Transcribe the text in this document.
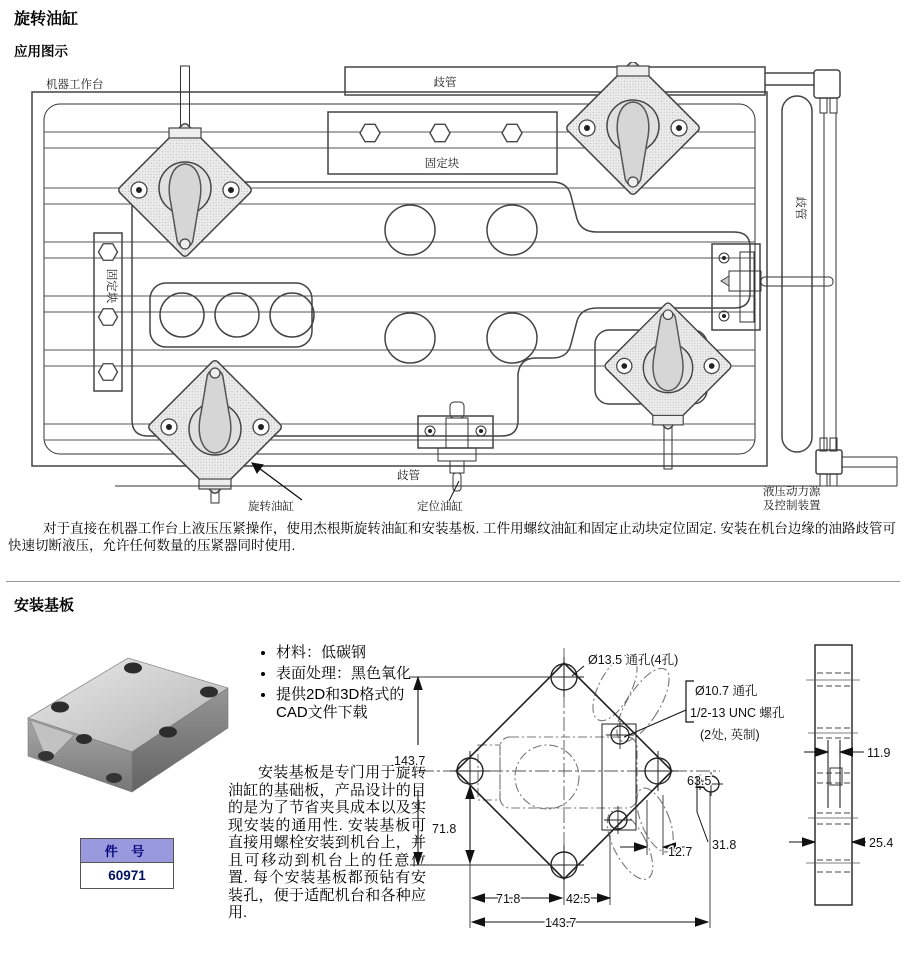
旋转油缸
应用图示
机器工作台	歧管
固定块
固定块
歧管
旋转油缸
歧管
定位油缸
液压动力源
及控制装置
对于直接在机器工作台上液压压紧操作，使用杰根斯旋转油缸和安装基板. 工件用螺纹油缸和固定止动块定位固定. 安装在机台边缘的油路歧管可快速切断液压，允许任何数量的压紧器同时使用.
安装基板
件 号
60971
• 材料：低碳钢
• 表面处理：黑色氧化
• 提供2D和3D格式的CAD文件下载
安装基板是专门用于旋转油缸的基础板，产品设计的目的是为了节省夹具成本以及实现安装的通用性. 安装基板可直接用螺栓安装到机台上，并且可移动到机台上的任意位置. 每个安装基板都预钻有安装孔，便于适配机台和各种应用.
143.7
71.8
63.5
31.8
12.7
71.8	42.5
143.7
Ø13.5 通孔(4孔)
Ø10.7 通孔
1/2-13 UNC 螺孔
(2处, 英制)
11.9
25.4
